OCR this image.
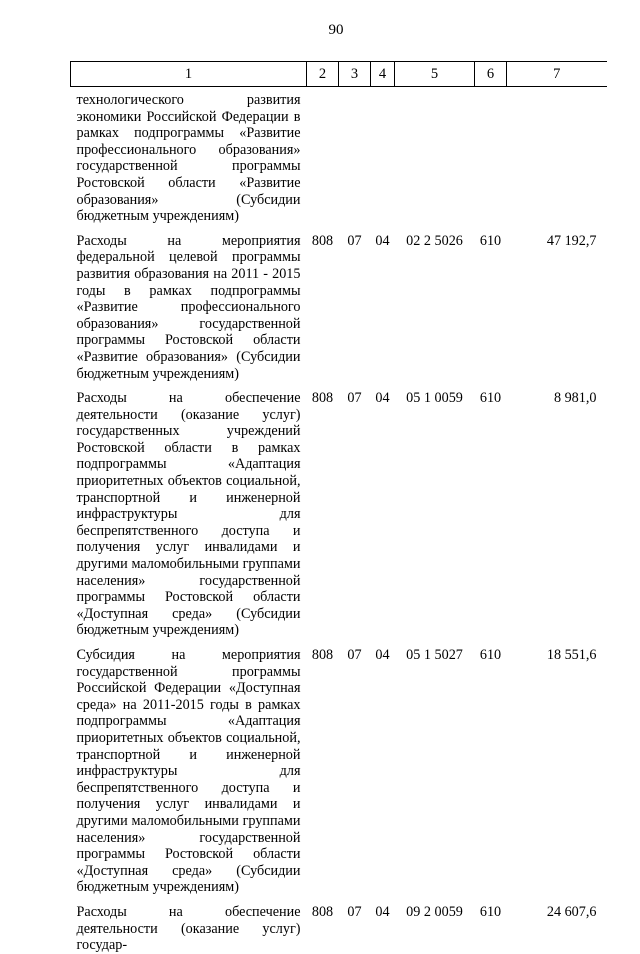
90
1	2	3	4	5	6	7
технологического развития экономики Российской Федерации в рамках подпрограммы «Развитие профессионального образования» государственной программы Ростовской области «Развитие образования» (Субсидии бюджетным учреждениям)						
Расходы на мероприятия федеральной целевой программы развития образования на 2011 - 2015 годы в рамках подпрограммы «Развитие профессионального образования» государственной программы Ростовской области «Развитие образования» (Субсидии бюджетным учреждениям)	808	07	04	02 2 5026	610	47 192,7
Расходы на обеспечение деятельности (оказание услуг) государственных учреждений Ростовской области в рамках подпрограммы «Адаптация приоритетных объектов социальной, транспортной и инженерной инфраструктуры для беспрепятственного доступа и получения услуг инвалидами и другими маломобильными группами населения» государственной программы Ростовской области «Доступная среда» (Субсидии бюджетным учреждениям)	808	07	04	05 1 0059	610	8 981,0
Субсидия на мероприятия государственной программы Российской Федерации «Доступная среда» на 2011-2015 годы в рамках подпрограммы «Адаптация приоритетных объектов социальной, транспортной и инженерной инфраструктуры для беспрепятственного доступа и получения услуг инвалидами и другими маломобильными группами населения» государственной программы Ростовской области «Доступная среда» (Субсидии бюджетным учреждениям)	808	07	04	05 1 5027	610	18 551,6
Расходы на обеспечение деятельности (оказание услуг) государ-	808	07	04	09 2 0059	610	24 607,6
